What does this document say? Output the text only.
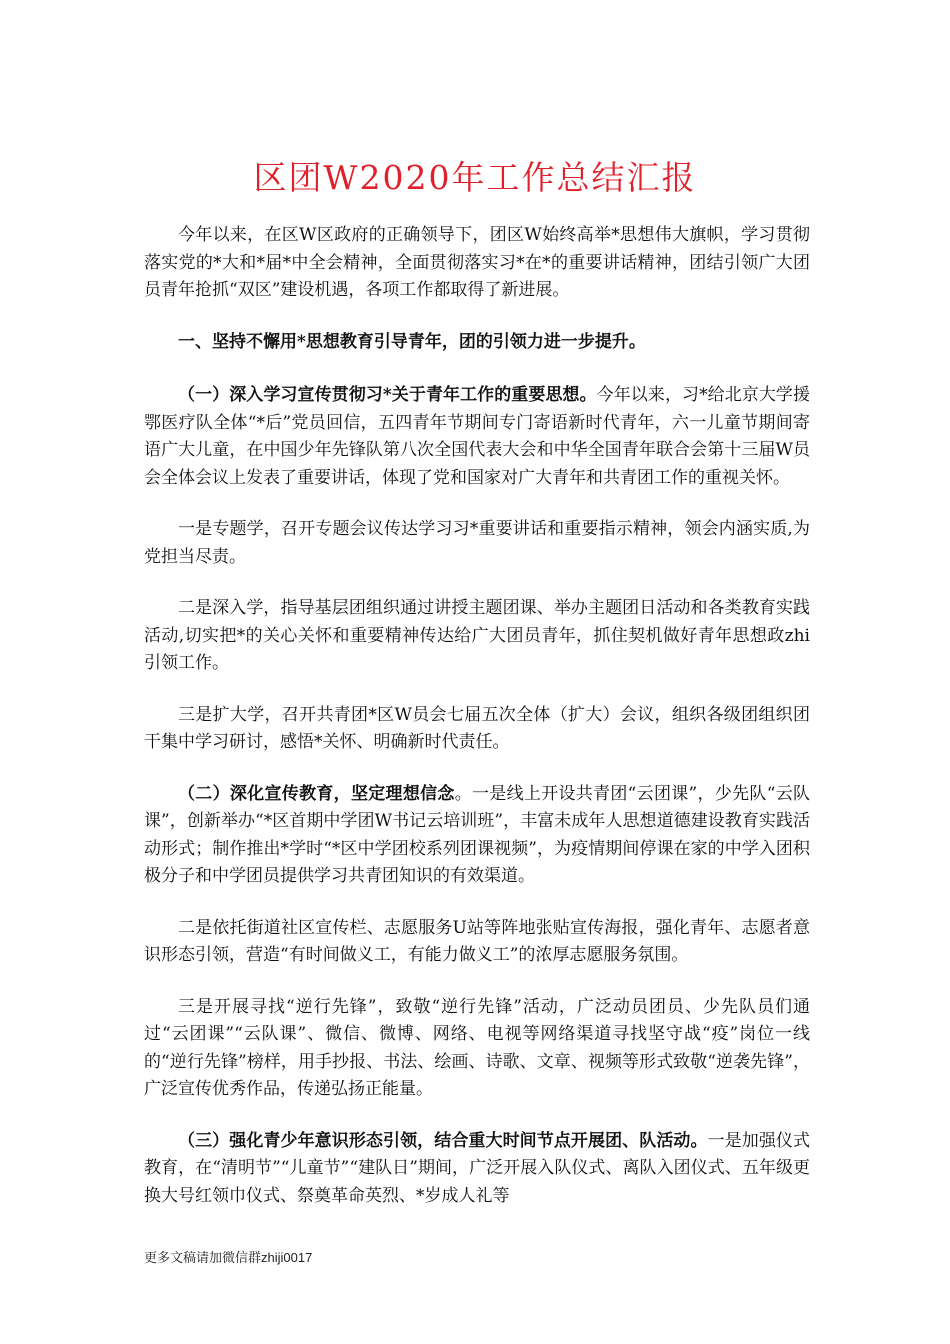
区团W2020年工作总结汇报

今年以来，在区W区政府的正确领导下，团区W始终高举*思想伟大旗帜，学习贯彻落实党的*大和*届*中全会精神，全面贯彻落实习*在*的重要讲话精神，团结引领广大团员青年抢抓“双区”建设机遇，各项工作都取得了新进展。

一、坚持不懈用*思想教育引导青年，团的引领力进一步提升。

（一）深入学习宣传贯彻习*关于青年工作的重要思想。今年以来，习*给北京大学援鄂医疗队全体“*后”党员回信，五四青年节期间专门寄语新时代青年，六一儿童节期间寄语广大儿童，在中国少年先锋队第八次全国代表大会和中华全国青年联合会第十三届W员会全体会议上发表了重要讲话，体现了党和国家对广大青年和共青团工作的重视关怀。

一是专题学，召开专题会议传达学习习*重要讲话和重要指示精神，领会内涵实质,为党担当尽责。

二是深入学，指导基层团组织通过讲授主题团课、举办主题团日活动和各类教育实践活动,切实把*的关心关怀和重要精神传达给广大团员青年，抓住契机做好青年思想政zhi引领工作。

三是扩大学，召开共青团*区W员会七届五次全体（扩大）会议，组织各级团组织团干集中学习研讨，感悟*关怀、明确新时代责任。

（二）深化宣传教育，坚定理想信念。一是线上开设共青团“云团课”，少先队“云队课”，创新举办“*区首期中学团W书记云培训班”，丰富未成年人思想道德建设教育实践活动形式；制作推出*学时“*区中学团校系列团课视频”，为疫情期间停课在家的中学入团积极分子和中学团员提供学习共青团知识的有效渠道。

二是依托街道社区宣传栏、志愿服务U站等阵地张贴宣传海报，强化青年、志愿者意识形态引领，营造“有时间做义工，有能力做义工”的浓厚志愿服务氛围。

三是开展寻找“逆行先锋”，致敬“逆行先锋”活动，广泛动员团员、少先队员们通过“云团课”“云队课”、微信、微博、网络、电视等网络渠道寻找坚守战“疫”岗位一线的“逆行先锋”榜样，用手抄报、书法、绘画、诗歌、文章、视频等形式致敬“逆袭先锋”，广泛宣传优秀作品，传递弘扬正能量。

（三）强化青少年意识形态引领，结合重大时间节点开展团、队活动。一是加强仪式教育，在“清明节”“儿童节”“建队日”期间，广泛开展入队仪式、离队入团仪式、五年级更换大号红领巾仪式、祭奠革命英烈、*岁成人礼等

更多文稿请加微信群zhiji0017
